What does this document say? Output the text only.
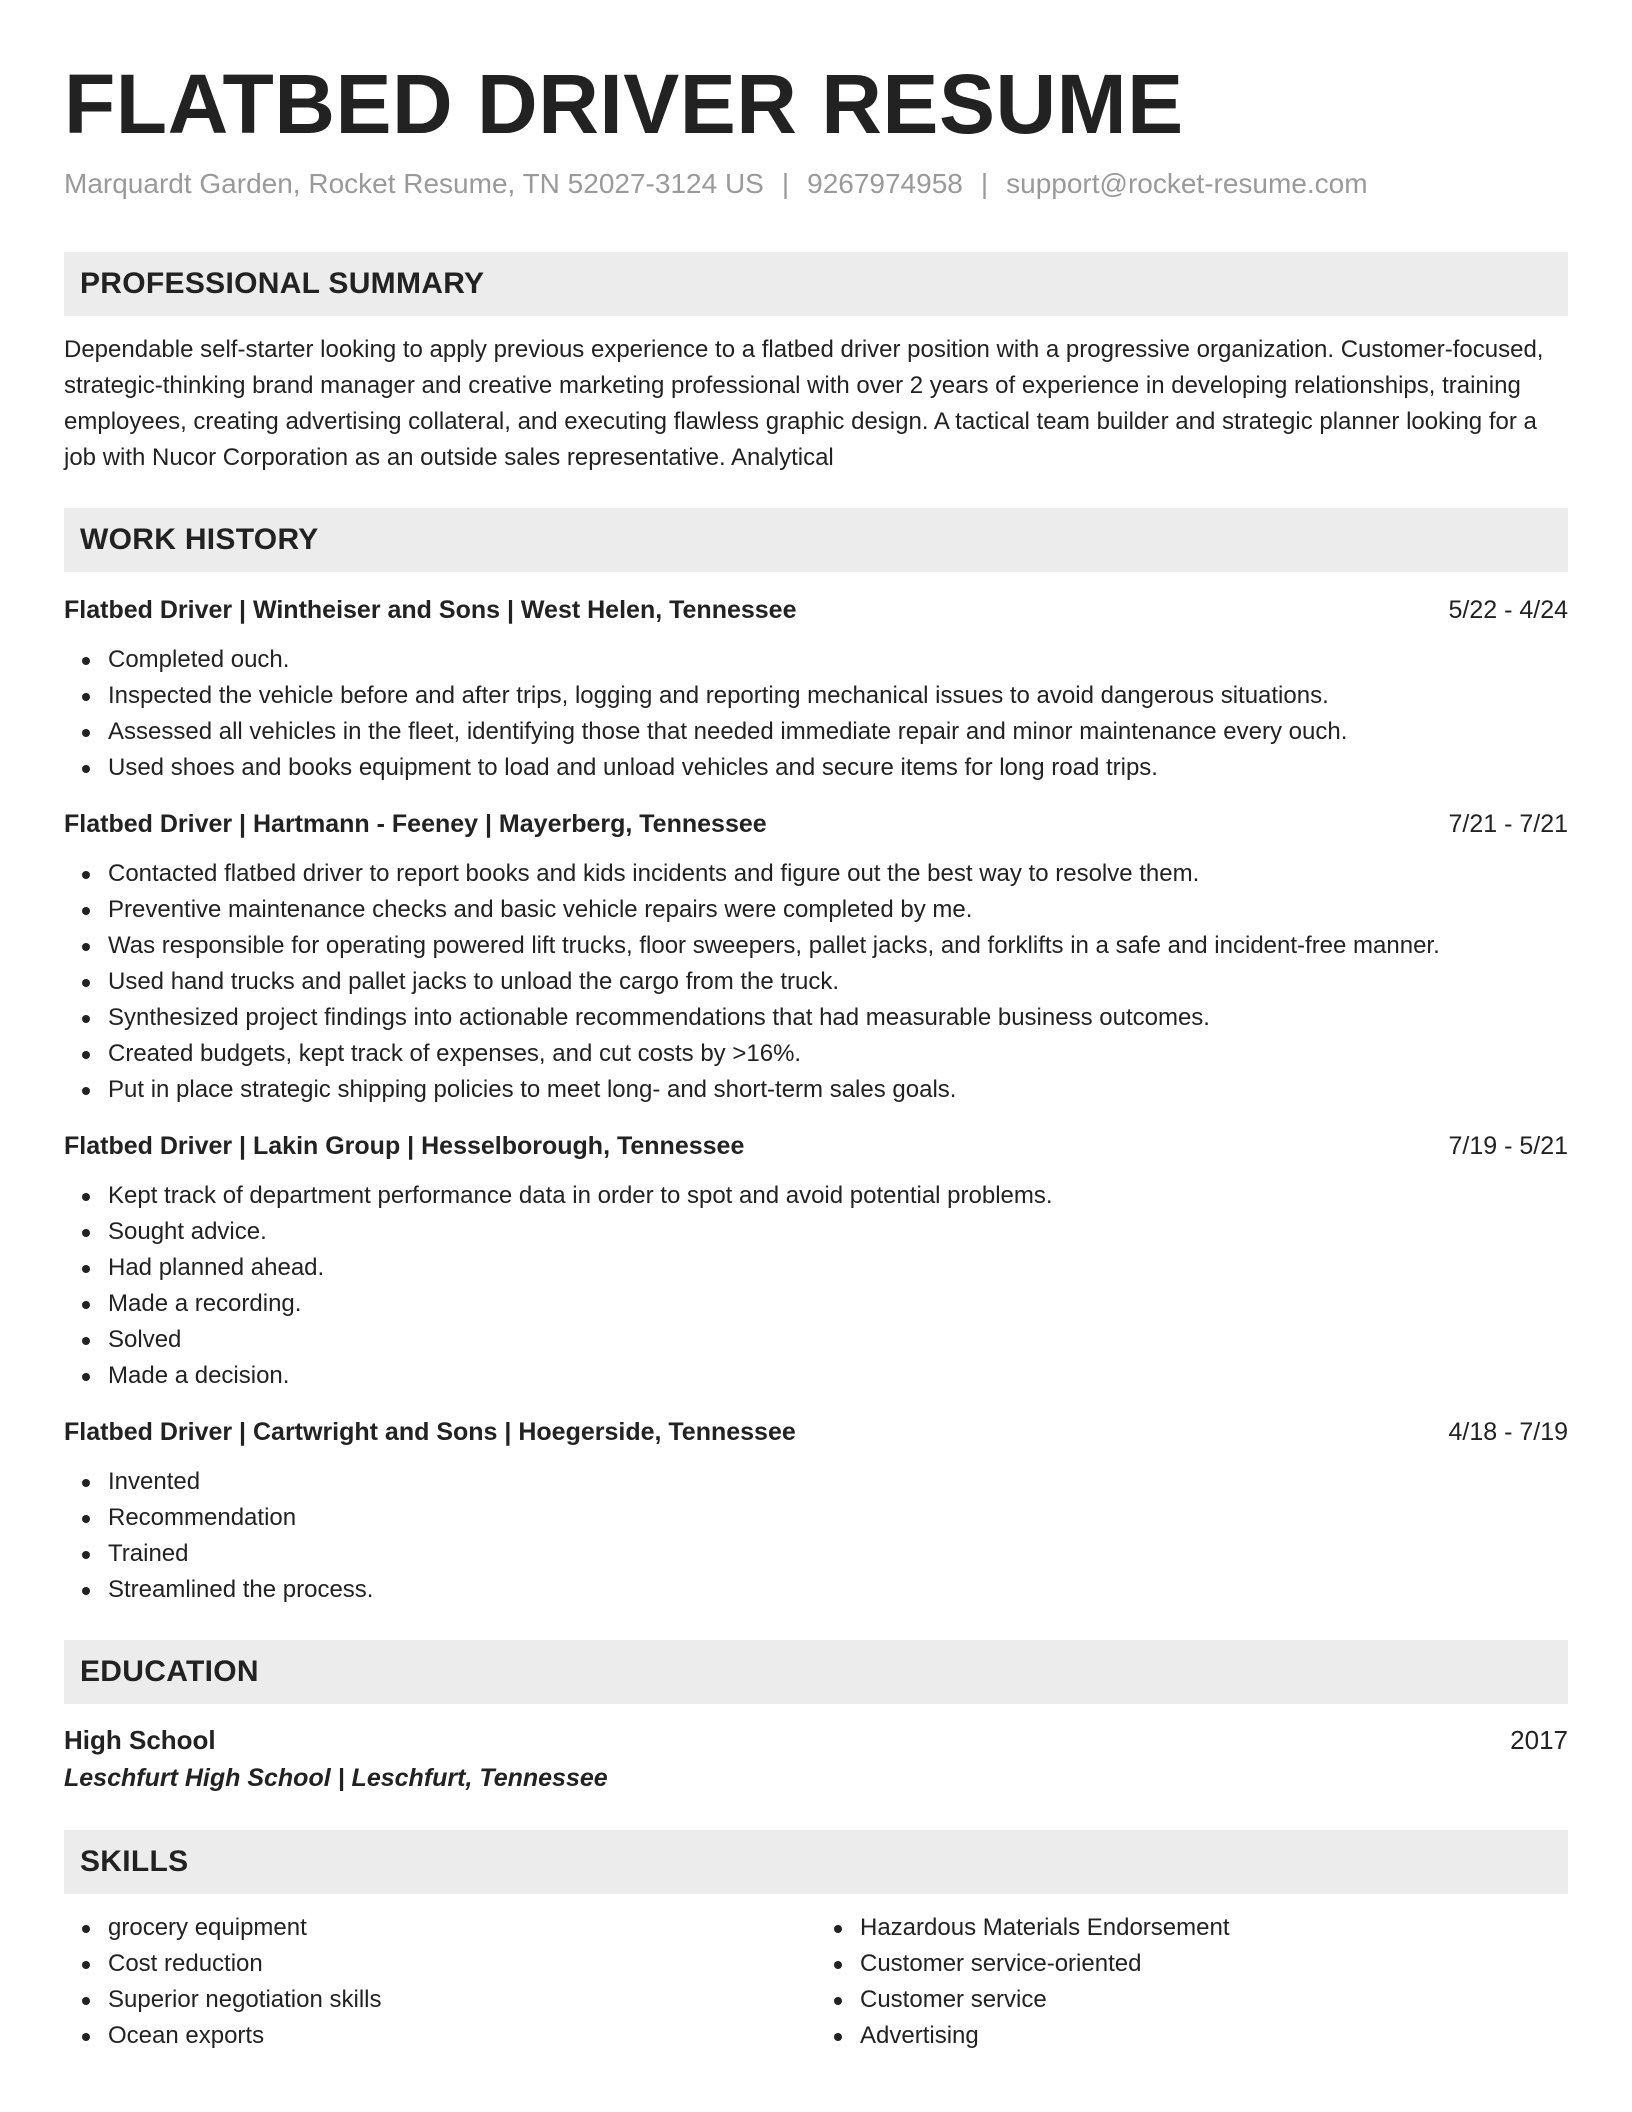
FLATBED DRIVER RESUME
Marquardt Garden, Rocket Resume, TN 52027-3124 US | 9267974958 | support@rocket-resume.com
PROFESSIONAL SUMMARY

Dependable self-starter looking to apply previous experience to a flatbed driver position with a progressive organization. Customer-focused, strategic-thinking brand manager and creative marketing professional with over 2 years of experience in developing relationships, training employees, creating advertising collateral, and executing flawless graphic design. A tactical team builder and strategic planner looking for a job with Nucor Corporation as an outside sales representative. Analytical

WORK HISTORY
Flatbed Driver | Wintheiser and Sons | West Helen, Tennessee	5/22 - 4/24
Completed ouch.
Inspected the vehicle before and after trips, logging and reporting mechanical issues to avoid dangerous situations.
Assessed all vehicles in the fleet, identifying those that needed immediate repair and minor maintenance every ouch.
Used shoes and books equipment to load and unload vehicles and secure items for long road trips.
Flatbed Driver | Hartmann - Feeney | Mayerberg, Tennessee	7/21 - 7/21
Contacted flatbed driver to report books and kids incidents and figure out the best way to resolve them.
Preventive maintenance checks and basic vehicle repairs were completed by me.
Was responsible for operating powered lift trucks, floor sweepers, pallet jacks, and forklifts in a safe and incident-free manner.
Used hand trucks and pallet jacks to unload the cargo from the truck.
Synthesized project findings into actionable recommendations that had measurable business outcomes.
Created budgets, kept track of expenses, and cut costs by >16%.
Put in place strategic shipping policies to meet long- and short-term sales goals.
Flatbed Driver | Lakin Group | Hesselborough, Tennessee	7/19 - 5/21
Kept track of department performance data in order to spot and avoid potential problems.
Sought advice.
Had planned ahead.
Made a recording.
Solved
Made a decision.
Flatbed Driver | Cartwright and Sons | Hoegerside, Tennessee	4/18 - 7/19
Invented
Recommendation
Trained
Streamlined the process.
EDUCATION
High School	2017
Leschfurt High School | Leschfurt, Tennessee
SKILLS
grocery equipment
Cost reduction
Superior negotiation skills
Ocean exports
Hazardous Materials Endorsement
Customer service-oriented
Customer service
Advertising
